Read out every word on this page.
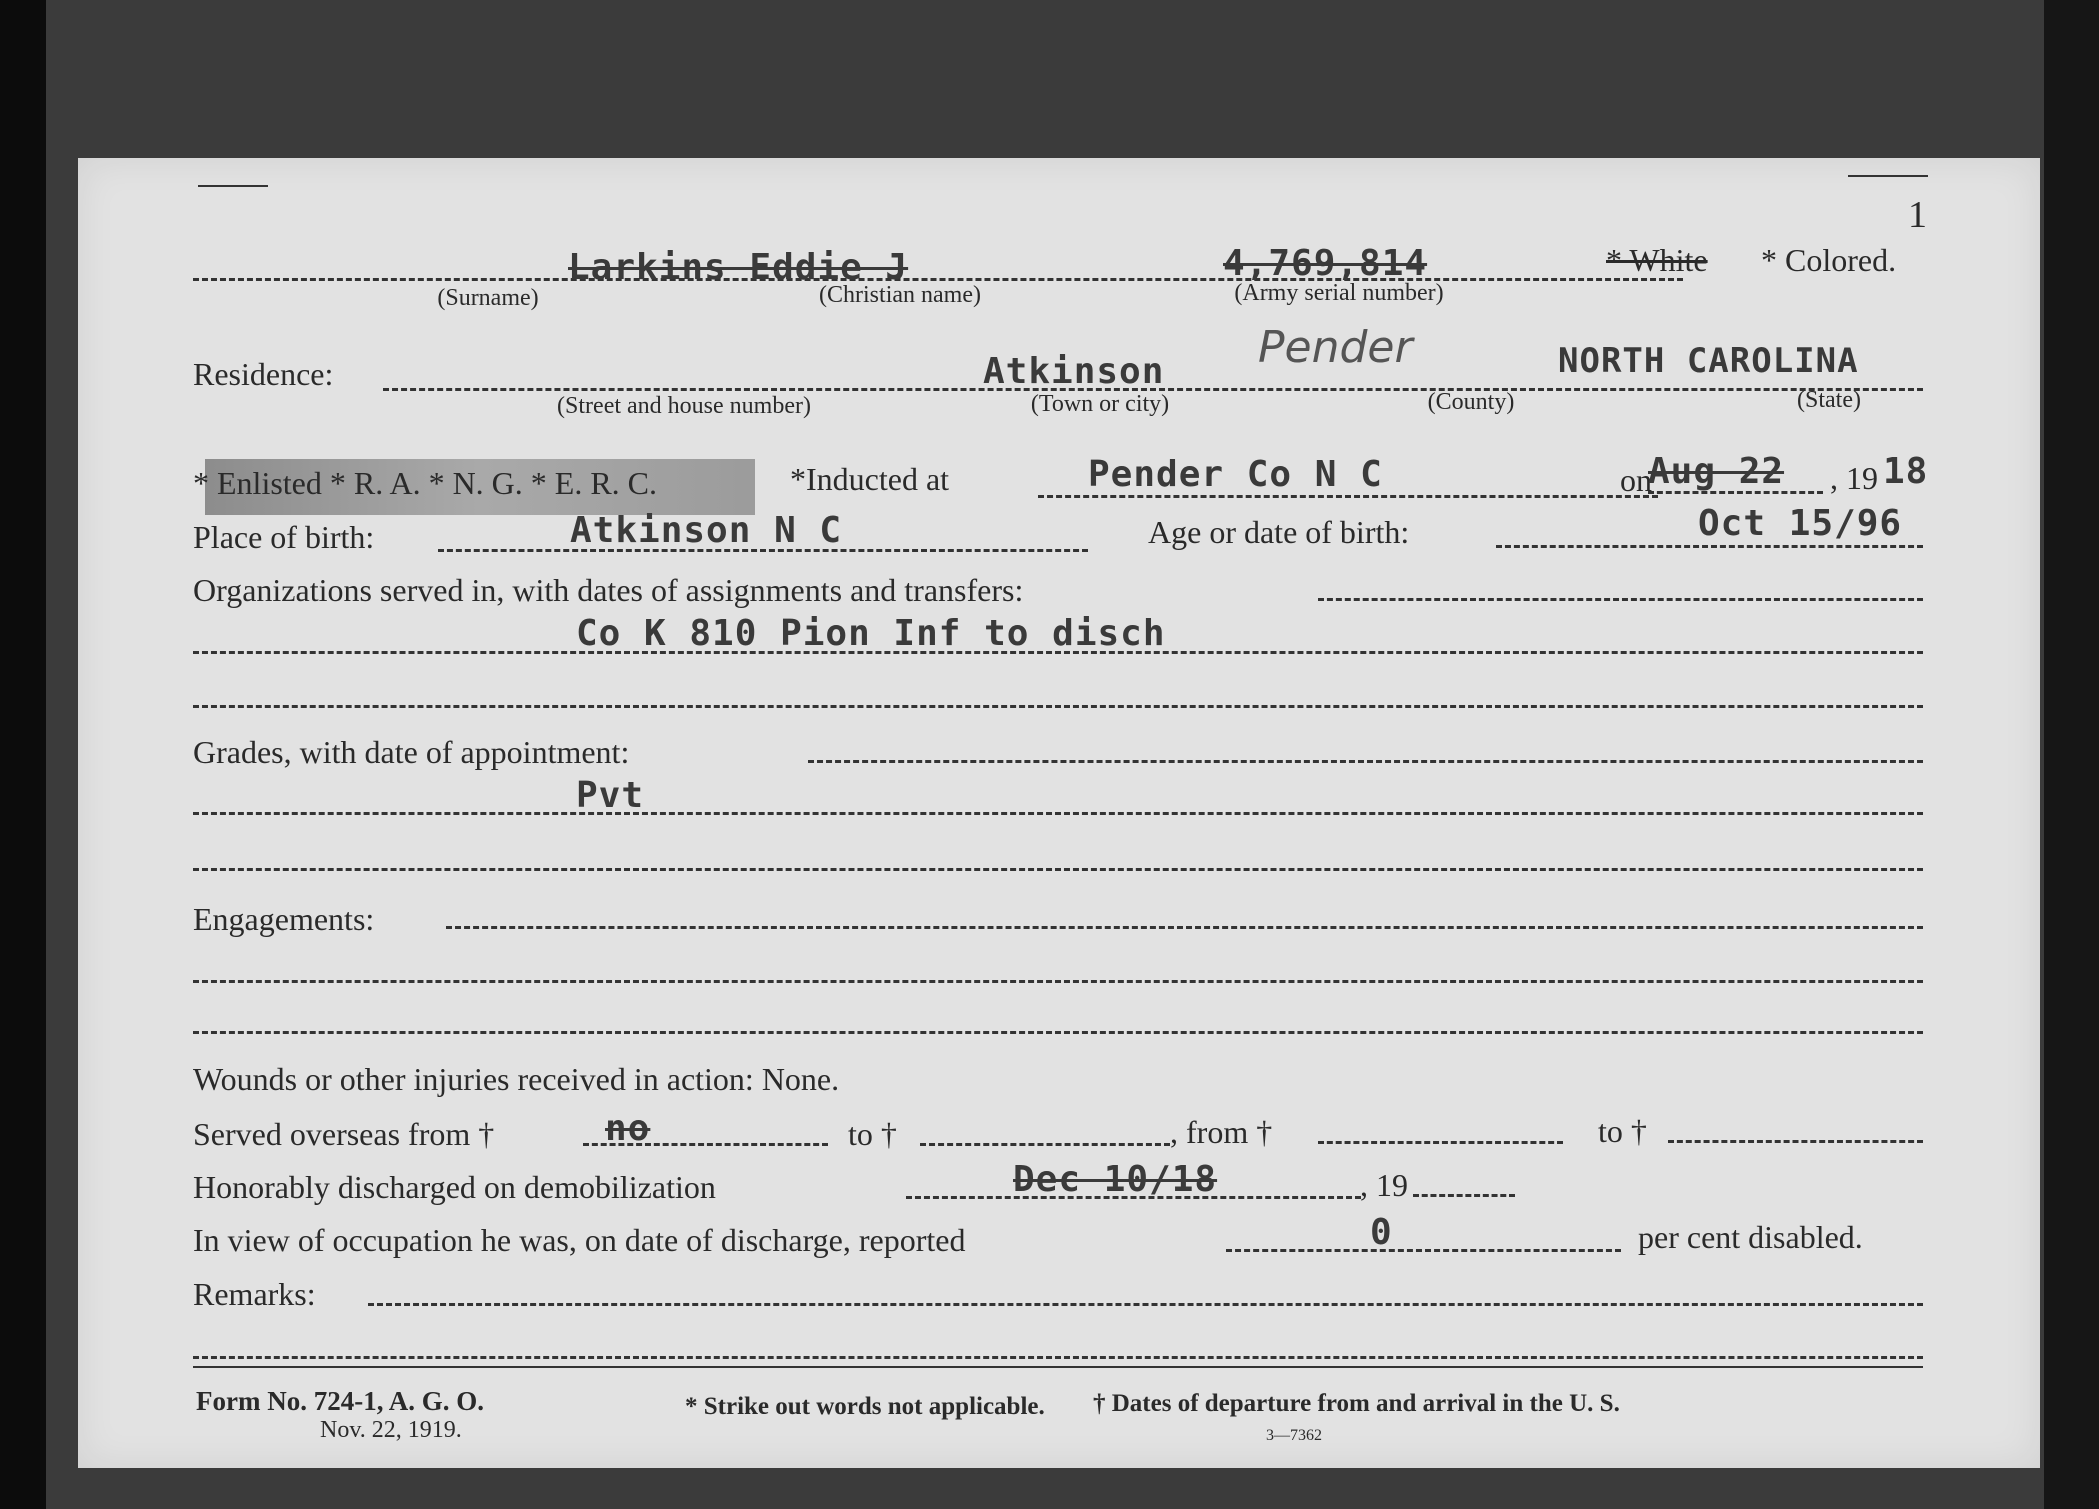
1
Larkins Eddie J	4,769,814	* White * Colored.
(Surname)	(Christian name)	(Army serial number)
Residence:	Atkinson Pender	NORTH CAROLINA
(Street and house number)	(Town or city)	(County)	(State)
* Enlisted * R. A. * N. G. * E. R. C.	*Inducted at	Pender Co N C	on
Aug 22 , 19 18
Place of birth:	Atkinson N C	Age or date of birth:	Oct 15/96
Organizations served in, with dates of assignments and transfers:
Co K 810 Pion Inf to disch
Grades, with date of appointment:
Pvt
Engagements:
Wounds or other injuries received in action: None.
Served overseas from †	no	to †	, from †	to †
Honorably discharged on demobilization	Dec 10/18	, 19
In view of occupation he was, on date of discharge, reported	0	per cent disabled.
Remarks:
Form No. 724-1, A. G. O.
Nov. 22, 1919.
* Strike out words not applicable. † Dates of departure from and arrival in the U. S.
3—7362
